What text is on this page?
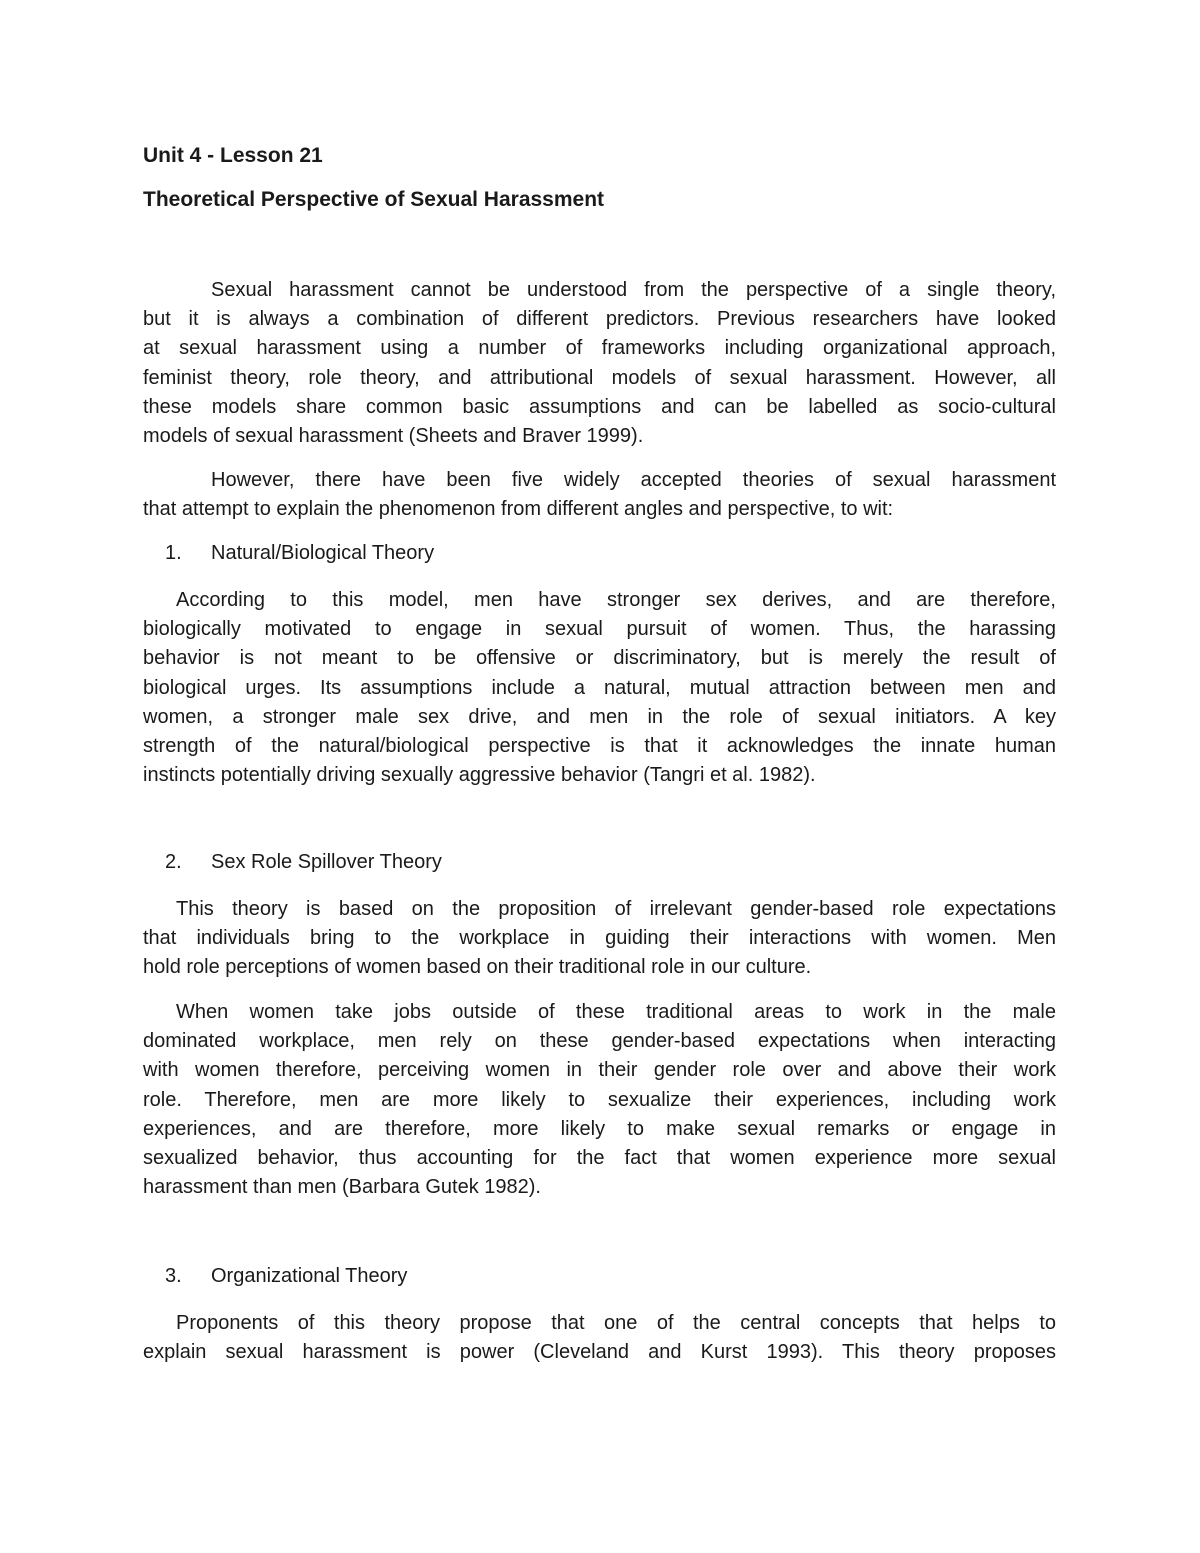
Unit 4 - Lesson 21
Theoretical Perspective of Sexual Harassment
Sexual harassment cannot be understood from the perspective of a single theory,
but it is always a combination of different predictors. Previous researchers have looked
at sexual harassment using a number of frameworks including organizational approach,
feminist theory, role theory, and attributional models of sexual harassment. However, all
these models share common basic assumptions and can be labelled as socio-cultural
models of sexual harassment (Sheets and Braver 1999).
However, there have been five widely accepted theories of sexual harassment
that attempt to explain the phenomenon from different angles and perspective, to wit:
1. Natural/Biological Theory
According to this model, men have stronger sex derives, and are therefore,
biologically motivated to engage in sexual pursuit of women. Thus, the harassing
behavior is not meant to be offensive or discriminatory, but is merely the result of
biological urges. Its assumptions include a natural, mutual attraction between men and
women, a stronger male sex drive, and men in the role of sexual initiators. A key
strength of the natural/biological perspective is that it acknowledges the innate human
instincts potentially driving sexually aggressive behavior (Tangri et al. 1982).
2. Sex Role Spillover Theory
This theory is based on the proposition of irrelevant gender-based role expectations
that individuals bring to the workplace in guiding their interactions with women. Men
hold role perceptions of women based on their traditional role in our culture.
When women take jobs outside of these traditional areas to work in the male
dominated workplace, men rely on these gender-based expectations when interacting
with women therefore, perceiving women in their gender role over and above their work
role. Therefore, men are more likely to sexualize their experiences, including work
experiences, and are therefore, more likely to make sexual remarks or engage in
sexualized behavior, thus accounting for the fact that women experience more sexual
harassment than men (Barbara Gutek 1982).
3. Organizational Theory
Proponents of this theory propose that one of the central concepts that helps to
explain sexual harassment is power (Cleveland and Kurst 1993). This theory proposes
